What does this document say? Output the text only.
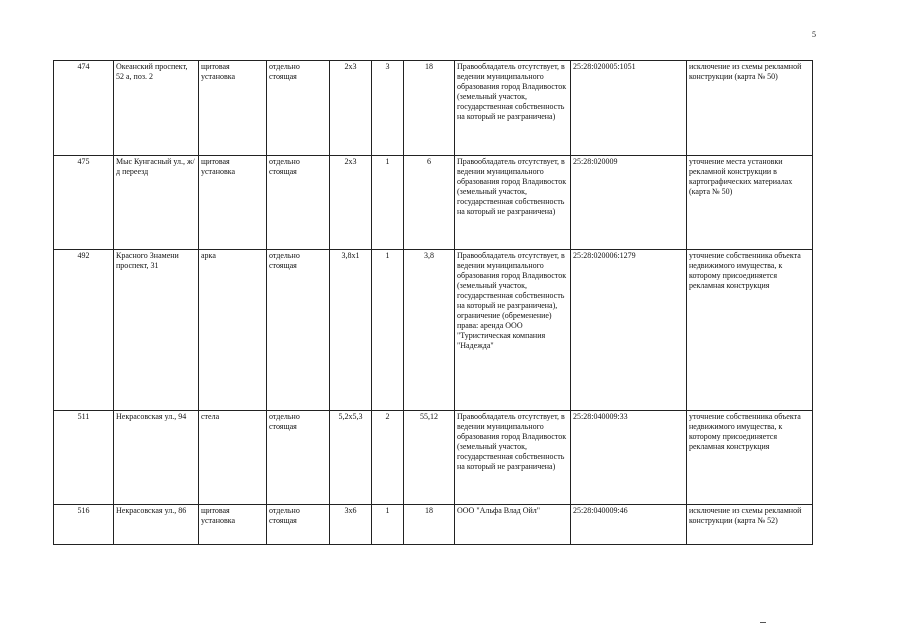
5
474	Океанский проспект, 52 а, поз. 2	щитовая установка	отдельно стоящая	2x3	3	18	Правообладатель отсутствует, в ведении муниципального образования город Владивосток (земельный участок, государственная собственность на который не разграничена)	25:28:020005:1051	исключение из схемы рекламной конструкции (карта № 50)
475	Мыс Кунгасный ул., ж/д переезд	щитовая установка	отдельно стоящая	2x3	1	6	Правообладатель отсутствует, в ведении муниципального образования город Владивосток (земельный участок, государственная собственность на который не разграничена)	25:28:020009	уточнение места установки рекламной конструкции в картографических материалах (карта № 50)
492	Красного Знамени проспект, 31	арка	отдельно стоящая	3,8x1	1	3,8	Правообладатель отсутствует, в ведении муниципального образования город Владивосток (земельный участок, государственная собственность на который не разграничена), ограничение (обременение) права: аренда ООО "Туристическая компания "Надежда"	25:28:020006:1279	уточнение собственника объекта недвижимого имущества, к которому присоединяется рекламная конструкция
511	Некрасовская ул., 94	стела	отдельно стоящая	5,2x5,3	2	55,12	Правообладатель отсутствует, в ведении муниципального образования город Владивосток (земельный участок, государственная собственность на который не разграничена)	25:28:040009:33	уточнение собственника объекта недвижимого имущества, к которому присоединяется рекламная конструкция
516	Некрасовская ул., 86	щитовая установка	отдельно стоящая	3x6	1	18	ООО "Альфа Влад Ойл"	25:28:040009:46	исключение из схемы рекламной конструкции (карта № 52)
